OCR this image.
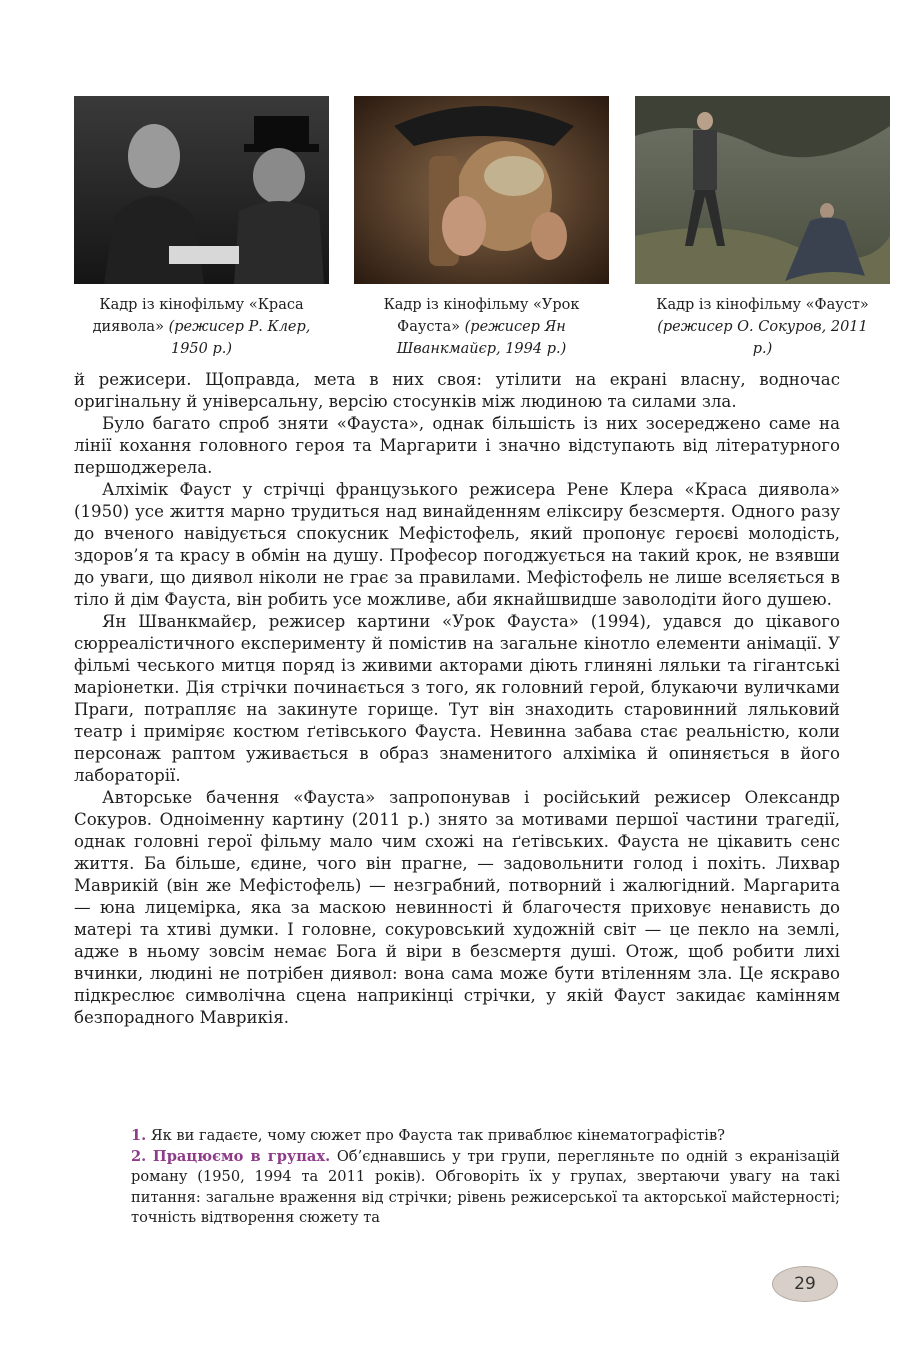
Кадр із кінофільму «Краса диявола» (режисер Р. Клер, 1950 р.)
Кадр із кінофільму «Урок Фауста» (режисер Ян Шванкмайєр, 1994 р.)
Кадр із кінофільму «Фауст» (режисер О. Сокуров, 2011 р.)

й режисери. Щоправда, мета в них своя: утілити на екрані власну, водночас оригінальну й універсальну, версію стосунків між людиною та силами зла.

Було багато спроб зняти «Фауста», однак більшість із них зосереджено саме на лінії кохання головного героя та Маргарити і значно відступають від літературного першоджерела.

Алхімік Фауст у стрічці французького режисера Рене Клера «Краса диявола» (1950) усе життя марно трудиться над винайденням еліксиру безсмертя. Одного разу до вченого навідується спокусник Мефістофель, який пропонує героєві молодість, здоров’я та красу в обмін на душу. Професор погоджується на такий крок, не взявши до уваги, що диявол ніколи не грає за правилами. Мефістофель не лише вселяється в тіло й дім Фауста, він робить усе можливе, аби якнайшвидше заволодіти його душею.

Ян Шванкмайєр, режисер картини «Урок Фауста» (1994), удався до цікавого сюрреалістичного експерименту й помістив на загальне кінотло елементи анімації. У фільмі чеського митця поряд із живими акторами діють глиняні ляльки та гігантські маріонетки. Дія стрічки починається з того, як головний герой, блукаючи вуличками Праги, потрапляє на закинуте горище. Тут він знаходить старовинний ляльковий театр і приміряє костюм ґетівського Фауста. Невинна забава стає реальністю, коли персонаж раптом уживається в образ знаменитого алхіміка й опиняється в його лабораторії.

Авторське бачення «Фауста» запропонував і російський режисер Олександр Сокуров. Одноіменну картину (2011 р.) знято за мотивами першої частини трагедії, однак головні герої фільму мало чим схожі на ґетівських. Фауста не цікавить сенс життя. Ба більше, єдине, чого він прагне, — задовольнити голод і похіть. Лихвар Маврикій (він же Мефістофель) — незграбний, потворний і жалюгідний. Маргарита — юна лицемірка, яка за маскою невинності й благочестя приховує ненависть до матері та хтиві думки. І головне, сокуровський художній світ — це пекло на землі, адже в ньому зовсім немає Бога й віри в безсмертя душі. Отож, щоб робити лихі вчинки, людині не потрібен диявол: вона сама може бути втіленням зла. Це яскраво підкреслює символічна сцена наприкінці стрічки, у якій Фауст закидає камінням безпорадного Маврикія.

1. Як ви гадаєте, чому сюжет про Фауста так приваблює кінематографістів?

2. Працюємо в групах. Об’єднавшись у три групи, перегляньте по одній з екранізацій роману (1950, 1994 та 2011 років). Обговоріть їх у групах, звертаючи увагу на такі питання: загальне враження від стрічки; рівень режисерської та акторської майстерності; точність відтворення сюжету та

29
